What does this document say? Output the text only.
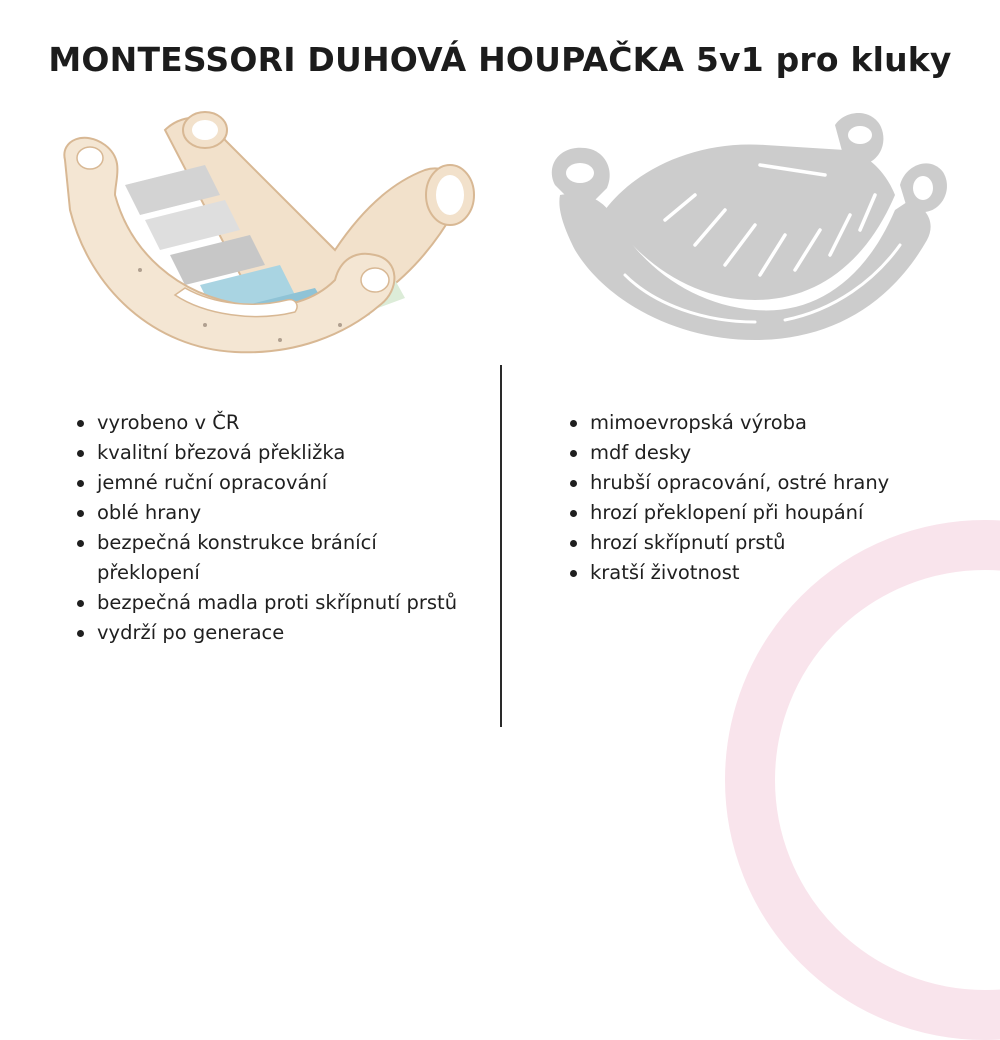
MONTESSORI DUHOVÁ HOUPAČKA 5v1 pro kluky
vyrobeno v ČR
kvalitní březová překližka
jemné ruční opracování
oblé hrany
bezpečná konstrukce bránící překlopení
bezpečná madla proti skřípnutí prstů
vydrží po generace
mimoevropská výroba
mdf desky
hrubší opracování, ostré hrany
hrozí překlopení při houpání
hrozí skřípnutí prstů
kratší životnost
